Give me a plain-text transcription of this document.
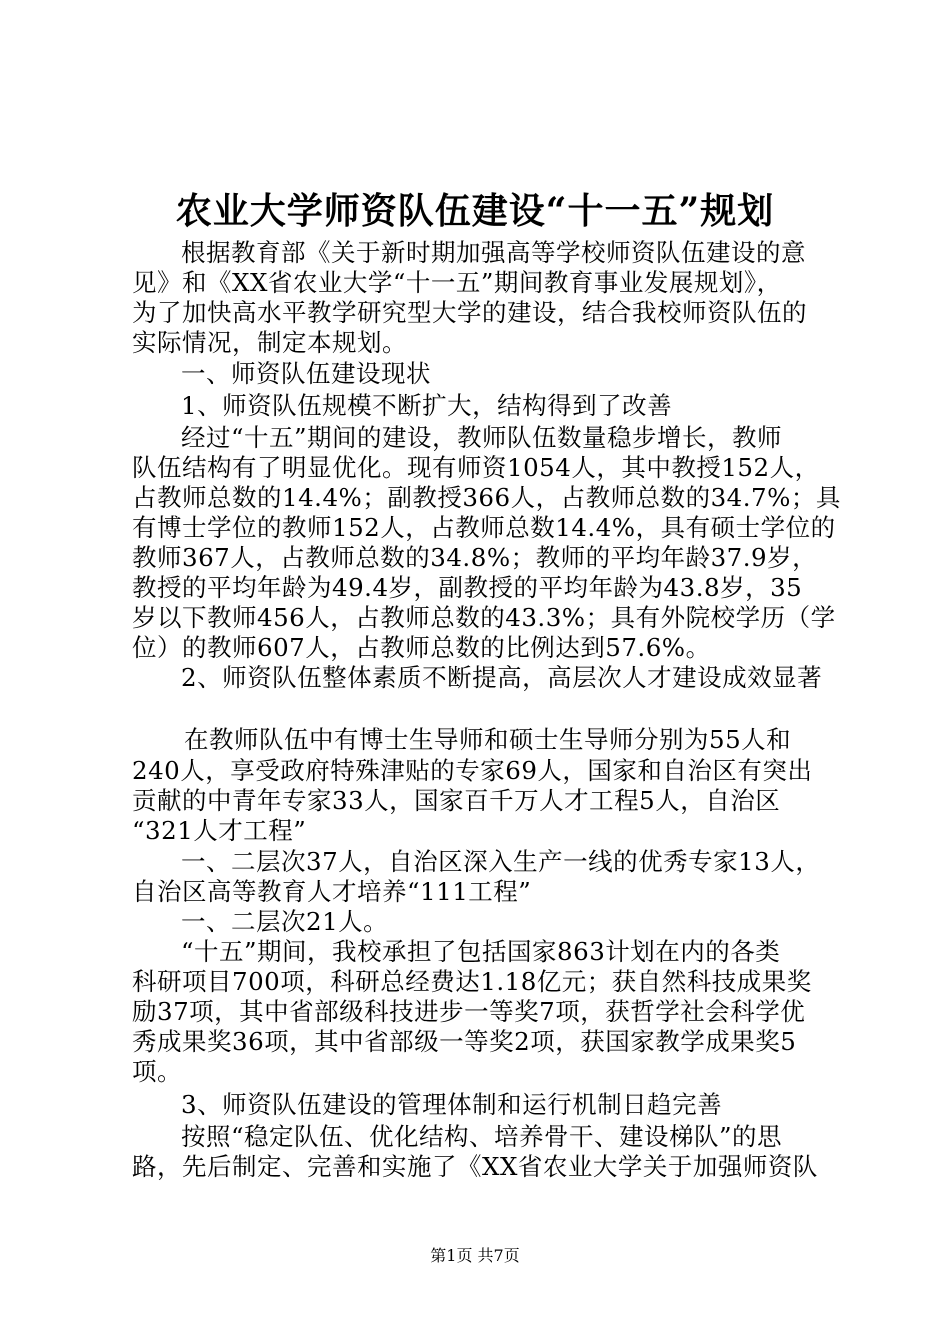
农业大学师资队伍建设“十一五”规划
根据教育部《关于新时期加强高等学校师资队伍建设的意
见》和《XX省农业大学“十一五”期间教育事业发展规划》，
为了加快高水平教学研究型大学的建设，结合我校师资队伍的
实际情况，制定本规划。
一、师资队伍建设现状
1、师资队伍规模不断扩大，结构得到了改善
经过“十五”期间的建设，教师队伍数量稳步增长，教师
队伍结构有了明显优化。现有师资1054人，其中教授152人，
占教师总数的14.4%；副教授366人，占教师总数的34.7%；具
有博士学位的教师152人，占教师总数14.4%，具有硕士学位的
教师367人，占教师总数的34.8%；教师的平均年龄37.9岁，
教授的平均年龄为49.4岁，副教授的平均年龄为43.8岁，35
岁以下教师456人，占教师总数的43.3%；具有外院校学历（学
位）的教师607人，占教师总数的比例达到57.6%。
2、师资队伍整体素质不断提高，高层次人才建设成效显著
在教师队伍中有博士生导师和硕士生导师分别为55人和
240人，享受政府特殊津贴的专家69人，国家和自治区有突出
贡献的中青年专家33人，国家百千万人才工程5人，自治区
“321人才工程”
一、二层次37人，自治区深入生产一线的优秀专家13人，
自治区高等教育人才培养“111工程”
一、二层次21人。
“十五”期间，我校承担了包括国家863计划在内的各类
科研项目700项，科研总经费达1.18亿元；获自然科技成果奖
励37项，其中省部级科技进步一等奖7项，获哲学社会科学优
秀成果奖36项，其中省部级一等奖2项，获国家教学成果奖5
项。
3、师资队伍建设的管理体制和运行机制日趋完善
按照“稳定队伍、优化结构、培养骨干、建设梯队”的思
路，先后制定、完善和实施了《XX省农业大学关于加强师资队
第1页 共7页
